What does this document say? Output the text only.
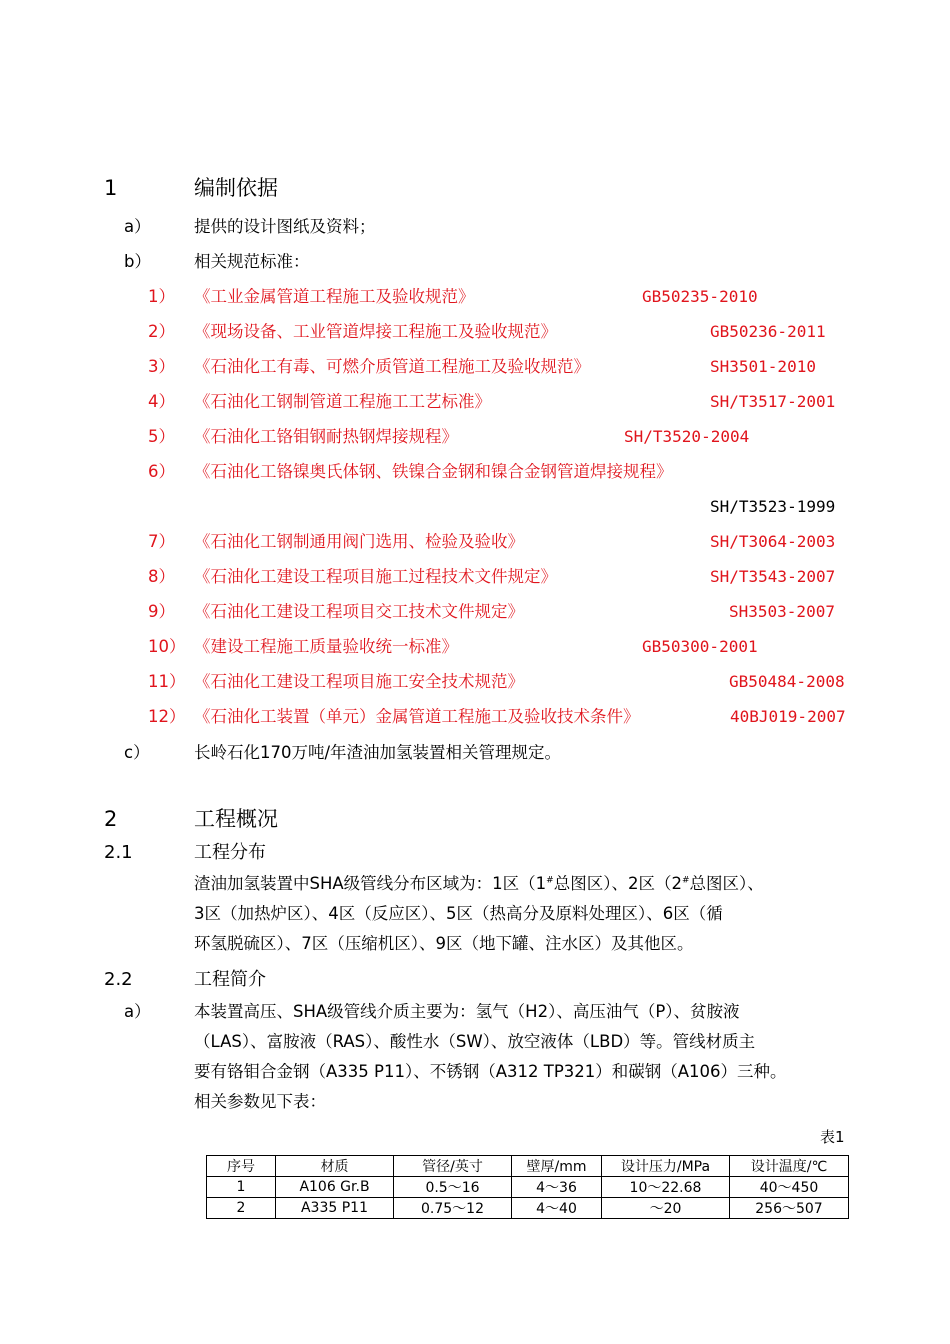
1	编制依据
a）	提供的设计图纸及资料；
b）	相关规范标准：
1） 《工业金属管道工程施工及验收规范》	GB50235-2010
2） 《现场设备、工业管道焊接工程施工及验收规范》	GB50236-2011
3） 《石油化工有毒、可燃介质管道工程施工及验收规范》	SH3501-2010
4） 《石油化工钢制管道工程施工工艺标准》	SH/T3517-2001
5） 《石油化工铬钼钢耐热钢焊接规程》	SH/T3520-2004
6） 《石油化工铬镍奥氏体钢、铁镍合金钢和镍合金钢管道焊接规程》
SH/T3523-1999
7） 《石油化工钢制通用阀门选用、检验及验收》	SH/T3064-2003
8） 《石油化工建设工程项目施工过程技术文件规定》	SH/T3543-2007
9） 《石油化工建设工程项目交工技术文件规定》	SH3503-2007
10） 《建设工程施工质量验收统一标准》	GB50300-2001
11） 《石油化工建设工程项目施工安全技术规范》	GB50484-2008
12） 《石油化工装置（单元）金属管道工程施工及验收技术条件》	40BJ019-2007
c）	长岭石化170万吨/年渣油加氢装置相关管理规定。
2	工程概况
2.1	工程分布
渣油加氢装置中SHA级管线分布区域为：1区（1#总图区）、2区（2#总图区）、
3区（加热炉区）、4区（反应区）、5区（热高分及原料处理区）、6区（循
环氢脱硫区）、7区（压缩机区）、9区（地下罐、注水区）及其他区。
2.2	工程简介
a）	本装置高压、SHA级管线介质主要为：氢气（H2）、高压油气（P）、贫胺液
（LAS）、富胺液（RAS）、酸性水（SW）、放空液体（LBD）等。管线材质主
要有铬钼合金钢（A335 P11）、不锈钢（A312 TP321）和碳钢（A106）三种。
相关参数见下表：
表1
序号	材质	管径/英寸	壁厚/mm	设计压力/MPa	设计温度/℃
1	A106 Gr.B	0.5～16	4～36	10～22.68	40～450
2	A335 P11	0.75～12	4～40	～20	256～507
